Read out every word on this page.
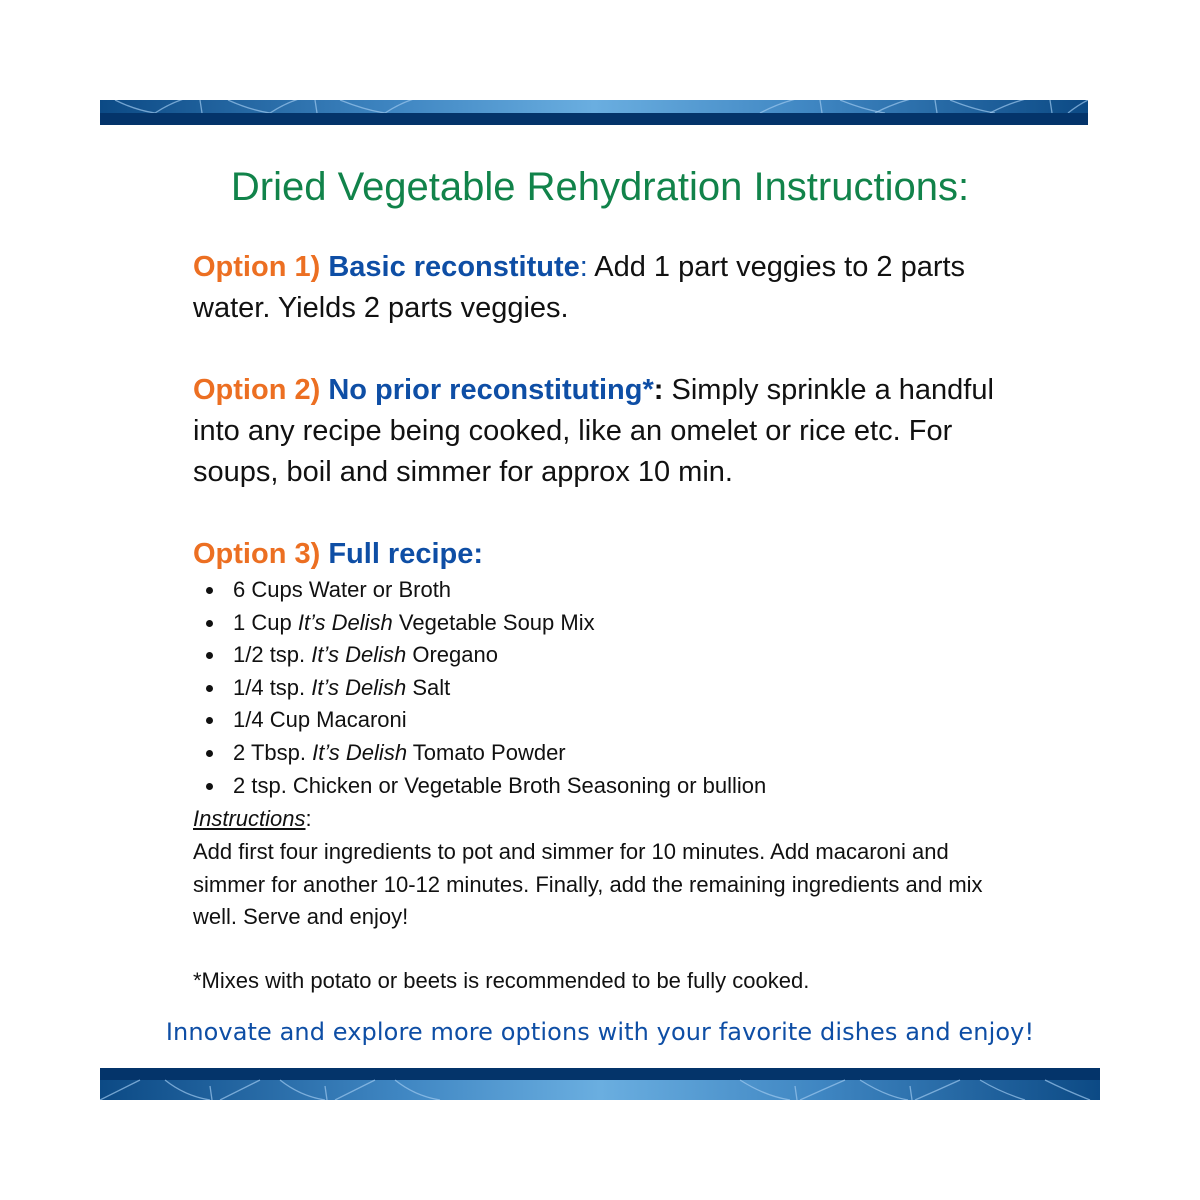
Dried Vegetable Rehydration Instructions:

Option 1) Basic reconstitute: Add 1 part veggies to 2 parts water. Yields 2 parts veggies.

Option 2) No prior reconstituting*: Simply sprinkle a handful into any recipe being cooked, like an omelet or rice etc. For soups, boil and simmer for approx 10 min.

Option 3) Full recipe:

6 Cups Water or Broth
1 Cup It’s Delish Vegetable Soup Mix
1/2 tsp. It’s Delish Oregano
1/4 tsp. It’s Delish Salt
1/4 Cup Macaroni
2 Tbsp. It’s Delish Tomato Powder
2 tsp. Chicken or Vegetable Broth Seasoning or bullion
Instructions:

Add first four ingredients to pot and simmer for 10 minutes. Add macaroni and simmer for another 10-12 minutes. Finally, add the remaining ingredients and mix well. Serve and enjoy!

*Mixes with potato or beets is recommended to be fully cooked.

Innovate and explore more options with your favorite dishes and enjoy!
